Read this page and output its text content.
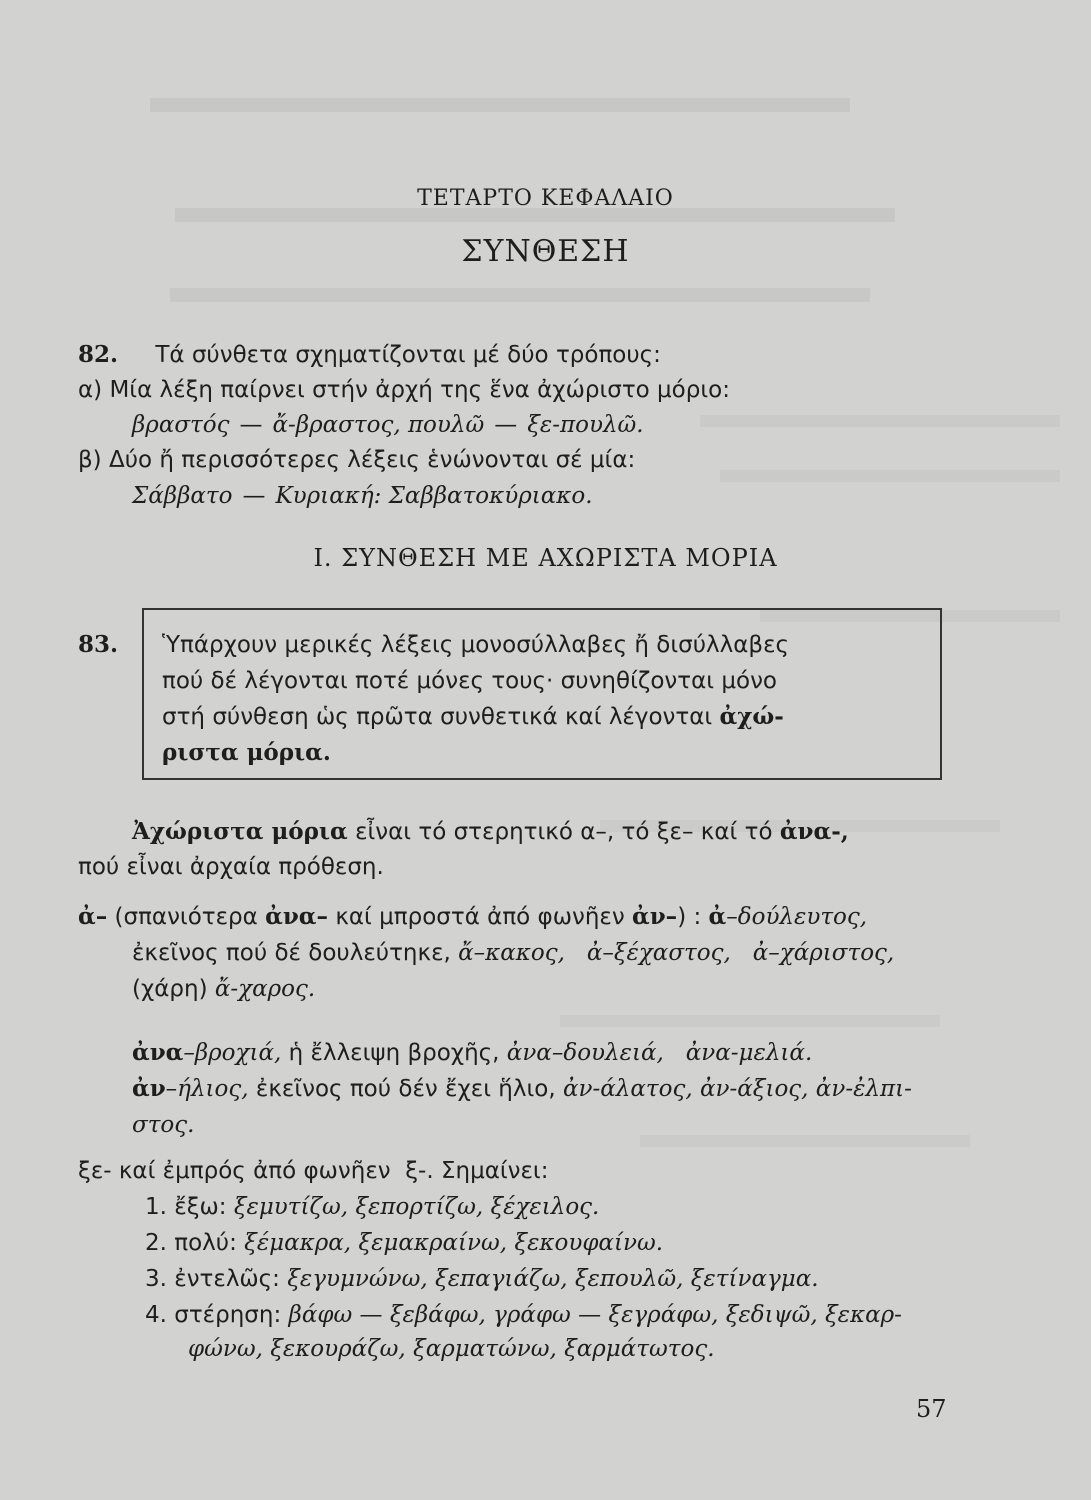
ΤΕΤΑΡΤΟ ΚΕΦΑΛΑΙΟ
ΣΥΝΘΕΣΗ
82. Τά σύνθετα σχηματίζονται μέ δύο τρόπους:
α) Μία λέξη παίρνει στήν ἀρχή της ἕνα ἀχώριστο μόριο:
βραστός — ἄ-βραστος, πουλῶ — ξε-πουλῶ.
β) Δύο ἤ περισσότερες λέξεις ἑνώνονται σέ μία:
Σάββατο — Κυριακή: Σαββατοκύριακο.
Ι. ΣΥΝΘΕΣΗ ΜΕ ΑΧΩΡΙΣΤΑ ΜΟΡΙΑ
83. Ὑπάρχουν μερικές λέξεις μονοσύλλαβες ἤ δισύλλαβες
πού δέ λέγονται ποτέ μόνες τους· συνηθίζονται μόνο
στή σύνθεση ὡς πρῶτα συνθετικά καί λέγονται ἀχώ-
ριστα μόρια.
Ἀχώριστα μόρια εἶναι τό στερητικό α–, τό ξε– καί τό ἀνα-,
πού εἶναι ἀρχαία πρόθεση.
ἀ– (σπανιότερα ἀνα– καί μπροστά ἀπό φωνῆεν ἀν–) : ἀ–δούλευτος,
ἐκεῖνος πού δέ δουλεύτηκε, ἄ–κακος,   ἀ–ξέχαστος,   ἀ–χάριστος,
(χάρη) ἄ-χαρος.
ἀνα–βροχιά, ἡ ἔλλειψη βροχῆς, ἀνα–δουλειά,   ἀνα-μελιά.
ἀν–ήλιος, ἐκεῖνος πού δέν ἔχει ἥλιο, ἀν-άλατος, ἀν-άξιος, ἀν-ἐλπι-
στος.
ξε- καί ἐμπρός ἀπό φωνῆεν  ξ-. Σημαίνει:
1. ἔξω: ξεμυτίζω, ξεπορτίζω, ξέχειλος.
2. πολύ: ξέμακρα, ξεμακραίνω, ξεκουφαίνω.
3. ἐντελῶς: ξεγυμνώνω, ξεπαγιάζω, ξεπουλῶ, ξετίναγμα.
4. στέρηση: βάφω — ξεβάφω, γράφω — ξεγράφω, ξεδιψῶ, ξεκαρ-
φώνω, ξεκουράζω, ξαρματώνω, ξαρμάτωτος.
57
